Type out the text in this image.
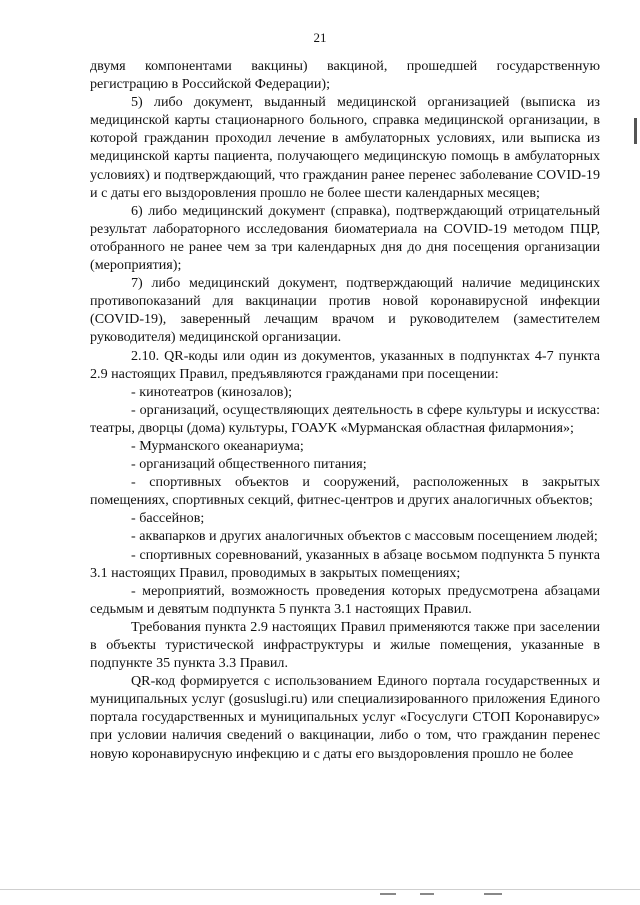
21

двумя компонентами вакцины) вакциной, прошедшей государственную регистрацию в Российской Федерации);

5) либо документ, выданный медицинской организацией (выписка из медицинской карты стационарного больного, справка медицинской организации, в которой гражданин проходил лечение в амбулаторных условиях, или выписка из медицинской карты пациента, получающего медицинскую помощь в амбулаторных условиях) и подтверждающий, что гражданин ранее перенес заболевание COVID-19 и с даты его выздоровления прошло не более шести календарных месяцев;

6) либо медицинский документ (справка), подтверждающий отрицательный результат лабораторного исследования биоматериала на COVID-19 методом ПЦР, отобранного не ранее чем за три календарных дня до дня посещения организации (мероприятия);

7) либо медицинский документ, подтверждающий наличие медицинских противопоказаний для вакцинации против новой коронавирусной инфекции (COVID-19), заверенный лечащим врачом и руководителем (заместителем руководителя) медицинской организации.

2.10. QR-коды или один из документов, указанных в подпунктах 4-7 пункта 2.9 настоящих Правил, предъявляются гражданами при посещении:

- кинотеатров (кинозалов);

- организаций, осуществляющих деятельность в сфере культуры и искусства: театры, дворцы (дома) культуры, ГОАУК «Мурманская областная филармония»;

- Мурманского океанариума;

- организаций общественного питания;

- спортивных объектов и сооружений, расположенных в закрытых помещениях, спортивных секций, фитнес-центров и других аналогичных объектов;

- бассейнов;

- аквапарков и других аналогичных объектов с массовым посещением людей;

- спортивных соревнований, указанных в абзаце восьмом подпункта 5 пункта 3.1 настоящих Правил, проводимых в закрытых помещениях;

- мероприятий, возможность проведения которых предусмотрена абзацами седьмым и девятым подпункта 5 пункта 3.1 настоящих Правил.

Требования пункта 2.9 настоящих Правил применяются также при заселении в объекты туристической инфраструктуры и жилые помещения, указанные в подпункте 35 пункта 3.3 Правил.

QR-код формируется с использованием Единого портала государственных и муниципальных услуг (gosuslugi.ru) или специализированного приложения Единого портала государственных и муниципальных услуг «Госуслуги СТОП Коронавирус» при условии наличия сведений о вакцинации, либо о том, что гражданин перенес новую коронавирусную инфекцию и с даты его выздоровления прошло не более
